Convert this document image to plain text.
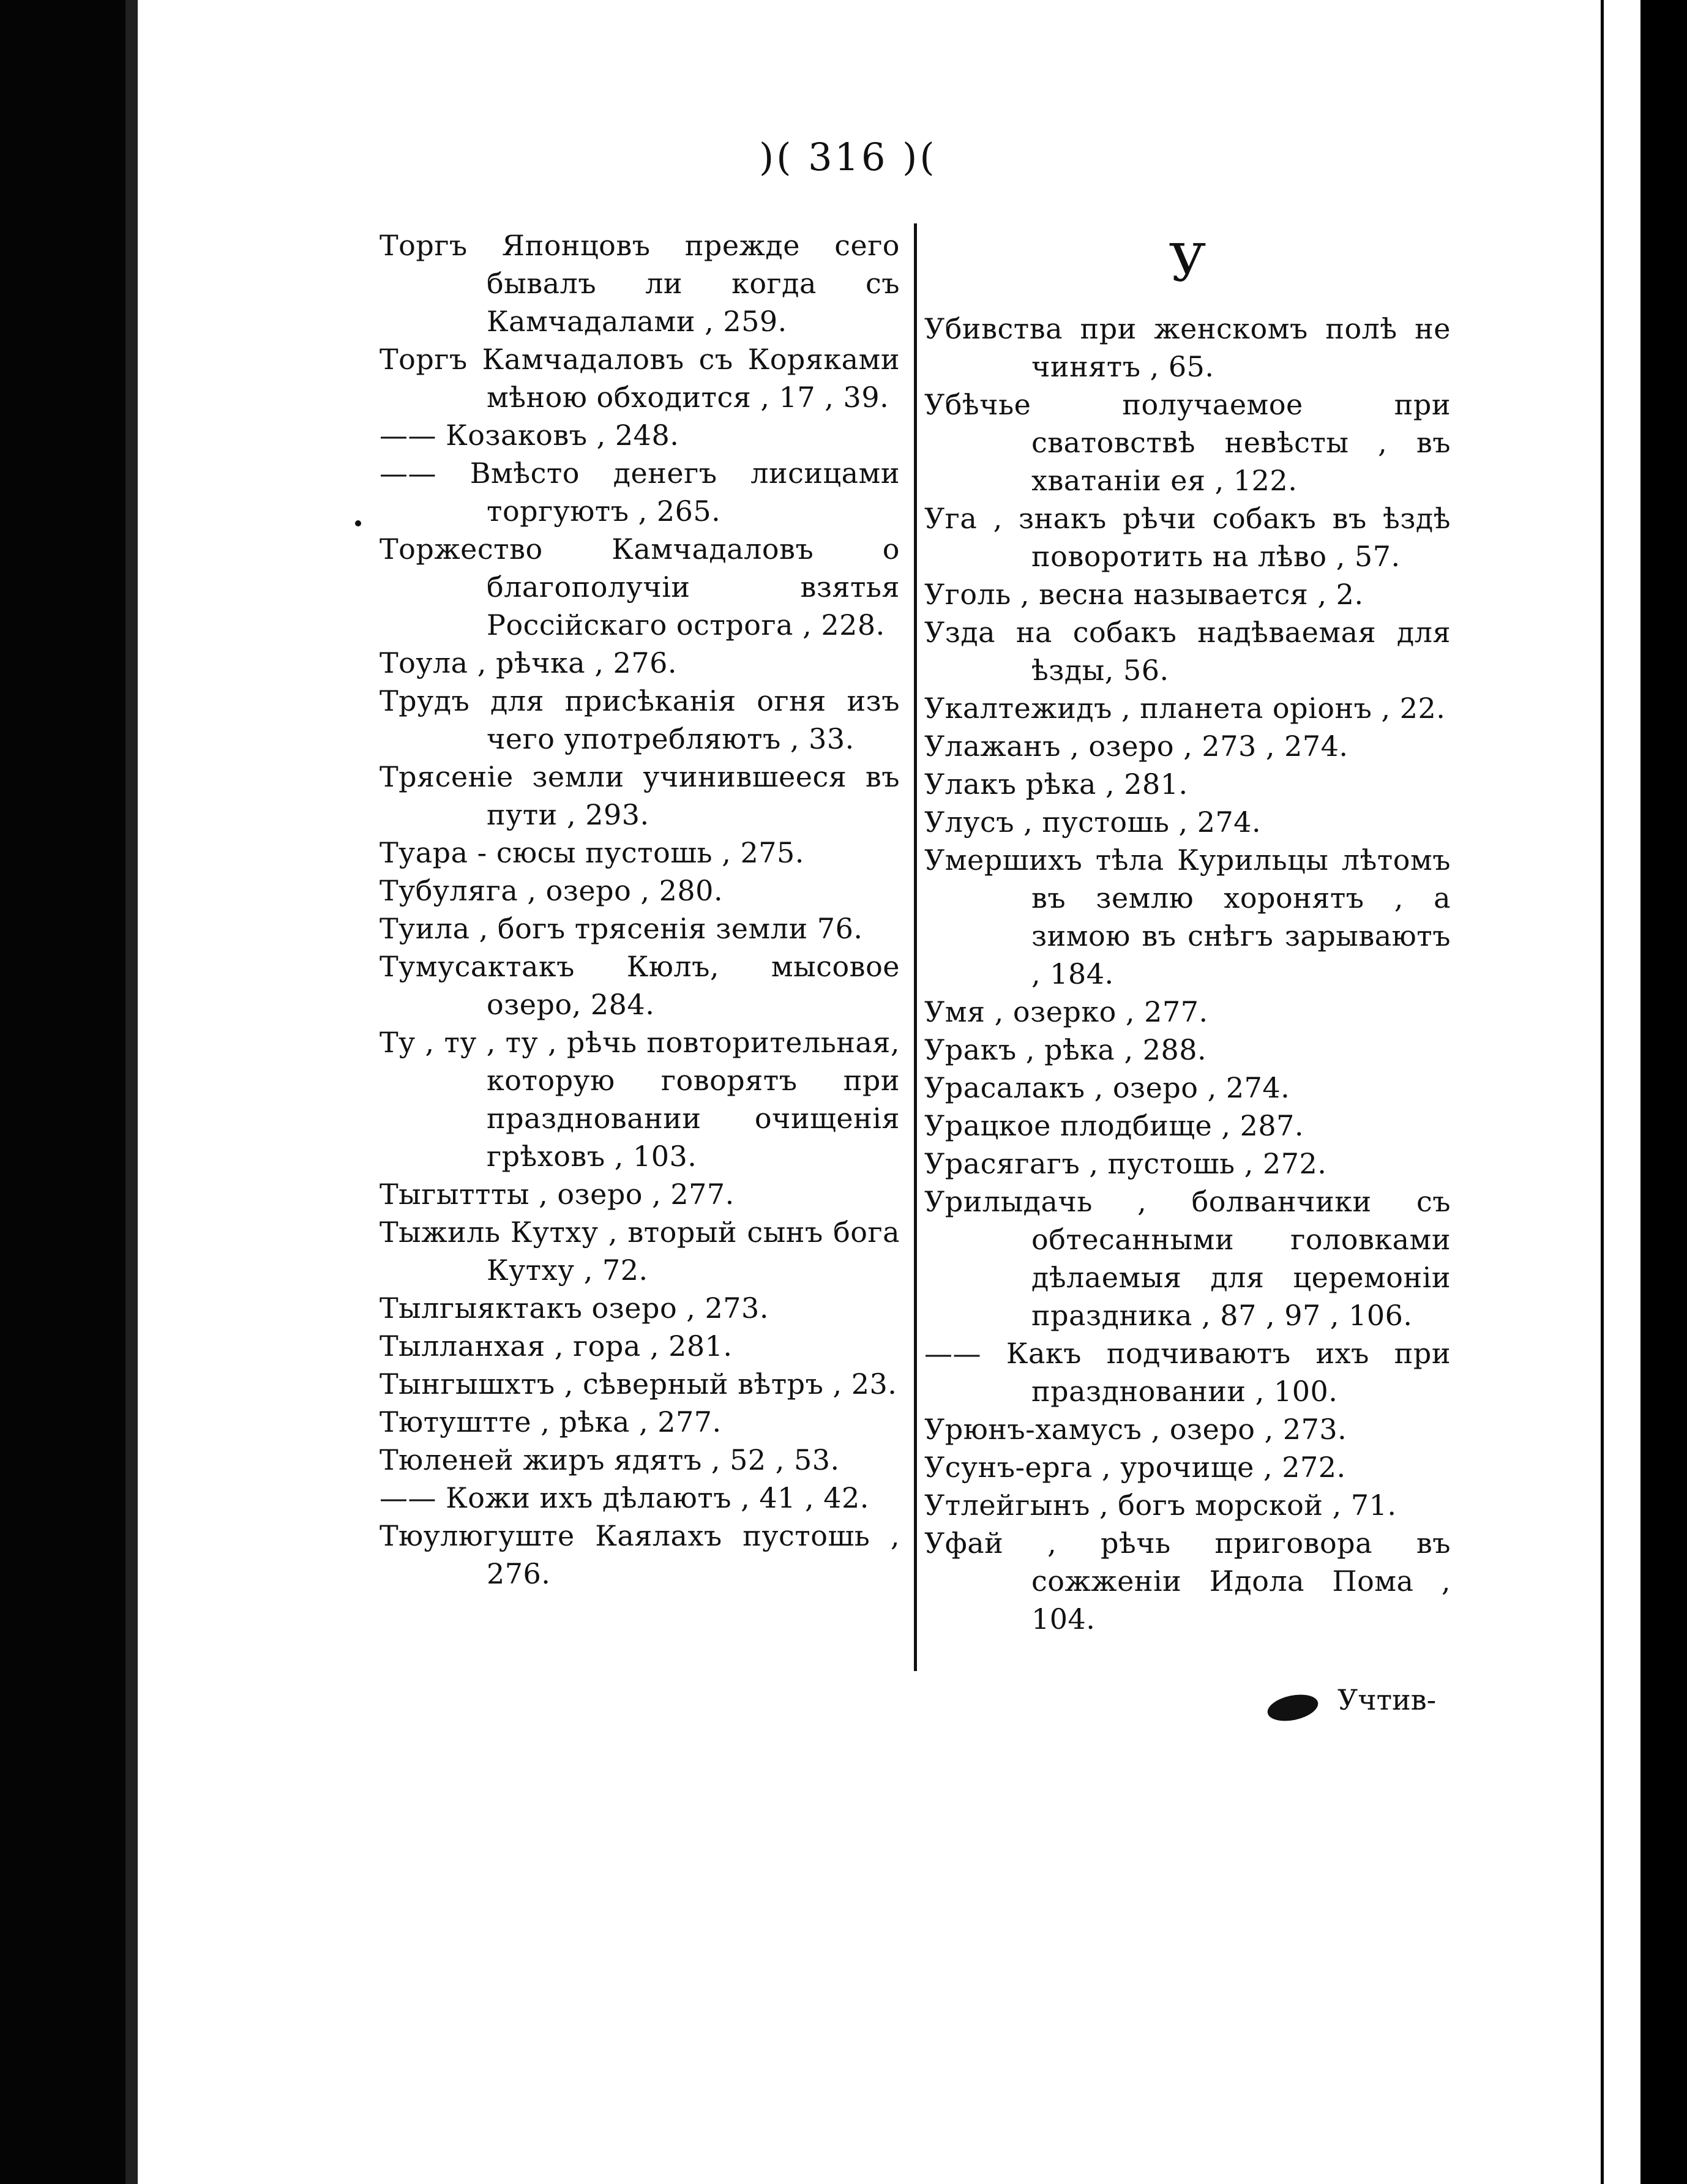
)( 316 )(

Торгъ Японцовъ прежде сего бывалъ ли когда съ Камчадалами , 259.

Торгъ Камчадаловъ съ Коряками мѣною обходится , 17 , 39.

—— Козаковъ , 248.

—— Вмѣсто денегъ лисицами торгуютъ , 265.

Торжество Камчадаловъ о благополучіи взятья Россійскаго острога , 228.

Тоула , рѣчка , 276.

Трудъ для присѣканія огня изъ чего употребляютъ , 33.

Трясеніе земли учинившееся въ пути , 293.

Туара - сюсы пустошь , 275.

Тубуляга , озеро , 280.

Туила , богъ трясенія земли 76.

Тумусактакъ Кюлъ, мысовое озеро, 284.

Ту , ту , ту , рѣчь повторительная, которую говорятъ при праздновании очищенія грѣховъ , 103.

Тыгыттты , озеро , 277.

Тыжиль Кутху , вторый сынъ бога Кутху , 72.

Тылгыяктакъ озеро , 273.

Тылланхая , гора , 281.

Тынгышхтъ , сѣверный вѣтръ , 23.

Тютуштте , рѣка , 277.

Тюленей жиръ ядятъ , 52 , 53.

—— Кожи ихъ дѣлаютъ , 41 , 42.

Тюулюгуште Каялахъ пустошь , 276.

У

Убивства при женскомъ полѣ не чинятъ , 65.

Убѣчье получаемое при сватовствѣ невѣсты , въ хватаніи ея , 122.

Уга , знакъ рѣчи собакъ въ ѣздѣ поворотить на лѣво , 57.

Уголь , весна называется , 2.

Узда на собакъ надѣваемая для ѣзды, 56.

Укалтежидъ , планета оріонъ , 22.

Улажанъ , озеро , 273 , 274.

Улакъ рѣка , 281.

Улусъ , пустошь , 274.

Умершихъ тѣла Курильцы лѣтомъ въ землю хоронятъ , а зимою въ снѣгъ зарываютъ , 184.

Умя , озерко , 277.

Уракъ , рѣка , 288.

Урасалакъ , озеро , 274.

Урацкое плодбище , 287.

Урасягагъ , пустошь , 272.

Урилыдачь , болванчики съ обтесанными головками дѣлаемыя для церемоніи праздника , 87 , 97 , 106.

—— Какъ подчиваютъ ихъ при праздновании , 100.

Урюнъ-хамусъ , озеро , 273.

Усунъ-ерга , урочище , 272.

Утлейгынъ , богъ морской , 71.

Уфай , рѣчь приговора въ сожженіи Идола Пома , 104.

Учтив-
